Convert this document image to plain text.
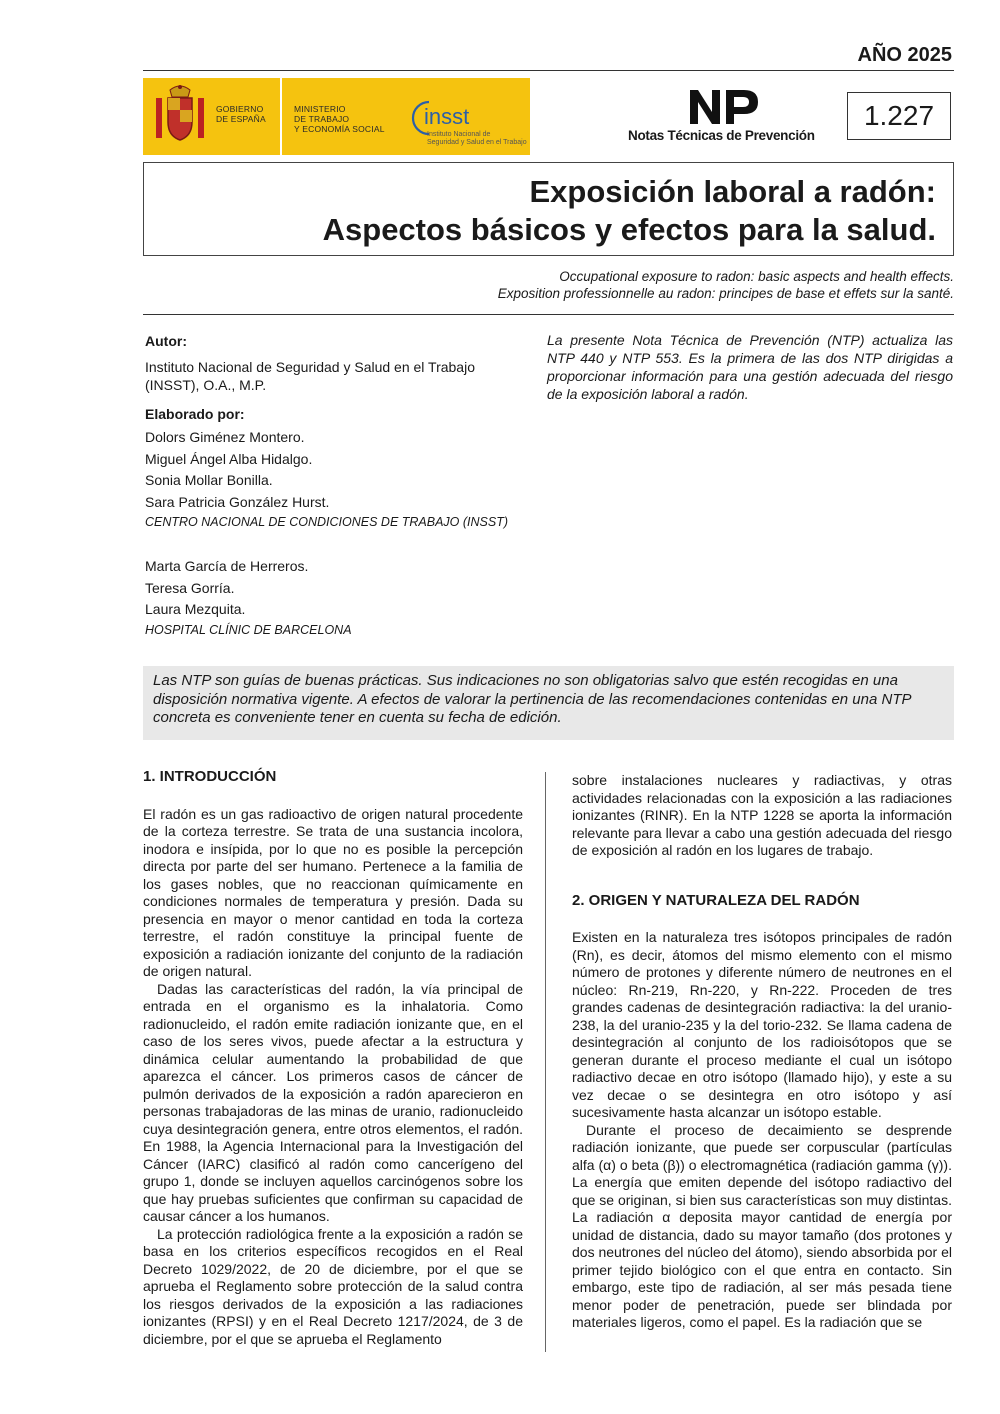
AÑO 2025
GOBIERNO
DE ESPAÑA
MINISTERIO
DE TRABAJO
Y ECONOMÍA SOCIAL	insst
Instituto Nacional de
Seguridad y Salud en el Trabajo	Notas Técnicas de Prevención
1.227
Exposición laboral a radón:
Aspectos básicos y efectos para la salud.
Occupational exposure to radon: basic aspects and health effects.
Exposition professionnelle au radon: principes de base et effets sur la santé.
Autor:
Instituto Nacional de Seguridad y Salud en el Trabajo
(INSST), O.A., M.P.
Elaborado por:
Dolors Giménez Montero.
Miguel Ángel Alba Hidalgo.
Sonia Mollar Bonilla.
Sara Patricia González Hurst.
CENTRO NACIONAL DE CONDICIONES DE TRABAJO (INSST)
Marta García de Herreros.
Teresa Gorría.
Laura Mezquita.
HOSPITAL CLÍNIC DE BARCELONA
La presente Nota Técnica de Prevención (NTP) actualiza las NTP 440 y NTP 553. Es la primera de las dos NTP dirigidas a proporcionar información para una gestión adecuada del riesgo de la exposición laboral a radón.
Las NTP son guías de buenas prácticas. Sus indicaciones no son obligatorias salvo que estén recogidas en una disposición normativa vigente. A efectos de valorar la pertinencia de las recomendaciones contenidas en una NTP concreta es conveniente tener en cuenta su fecha de edición.
1. INTRODUCCIÓN

El radón es un gas radioactivo de origen natural procedente de la corteza terrestre. Se trata de una sustancia incolora, inodora e insípida, por lo que no es posible la percepción directa por parte del ser humano. Pertenece a la familia de los gases nobles, que no reaccionan químicamente en condiciones normales de temperatura y presión. Dada su presencia en mayor o menor cantidad en toda la corteza terrestre, el radón constituye la principal fuente de exposición a radiación ionizante del conjunto de la radiación de origen natural.

Dadas las características del radón, la vía principal de entrada en el organismo es la inhalatoria. Como radionucleido, el radón emite radiación ionizante que, en el caso de los seres vivos, puede afectar a la estructura y dinámica celular aumentando la probabilidad de que aparezca el cáncer. Los primeros casos de cáncer de pulmón derivados de la exposición a radón aparecieron en personas trabajadoras de las minas de uranio, radionucleido cuya desintegración genera, entre otros elementos, el radón. En 1988, la Agencia Internacional para la Investigación del Cáncer (IARC) clasificó al radón como cancerígeno del grupo 1, donde se incluyen aquellos carcinógenos sobre los que hay pruebas suficientes que confirman su capacidad de causar cáncer a los humanos.

La protección radiológica frente a la exposición a radón se basa en los criterios específicos recogidos en el Real Decreto 1029/2022, de 20 de diciembre, por el que se aprueba el Reglamento sobre protección de la salud contra los riesgos derivados de la exposición a las radiaciones ionizantes (RPSI) y en el Real Decreto 1217/2024, de 3 de diciembre, por el que se aprueba el Reglamento

sobre instalaciones nucleares y radiactivas, y otras actividades relacionadas con la exposición a las radiaciones ionizantes (RINR). En la NTP 1228 se aporta la información relevante para llevar a cabo una gestión adecuada del riesgo de exposición al radón en los lugares de trabajo.

2. ORIGEN Y NATURALEZA DEL RADÓN

Existen en la naturaleza tres isótopos principales de radón (Rn), es decir, átomos del mismo elemento con el mismo número de protones y diferente número de neutrones en el núcleo: Rn-219, Rn-220, y Rn-222. Proceden de tres grandes cadenas de desintegración radiactiva: la del uranio-238, la del uranio-235 y la del torio-232. Se llama cadena de desintegración al conjunto de los radioisótopos que se generan durante el proceso mediante el cual un isótopo radiactivo decae en otro isótopo (llamado hijo), y este a su vez decae o se desintegra en otro isótopo y así sucesivamente hasta alcanzar un isótopo estable.

Durante el proceso de decaimiento se desprende radiación ionizante, que puede ser corpuscular (partículas alfa (α) o beta (β)) o electromagnética (radiación gamma (γ)). La energía que emiten depende del isótopo radiactivo del que se originan, si bien sus características son muy distintas. La radiación α deposita mayor cantidad de energía por unidad de distancia, dado su mayor tamaño (dos protones y dos neutrones del núcleo del átomo), siendo absorbida por el primer tejido biológico con el que entra en contacto. Sin embargo, este tipo de radiación, al ser más pesada tiene menor poder de penetración, puede ser blindada por materiales ligeros, como el papel. Es la radiación que se
